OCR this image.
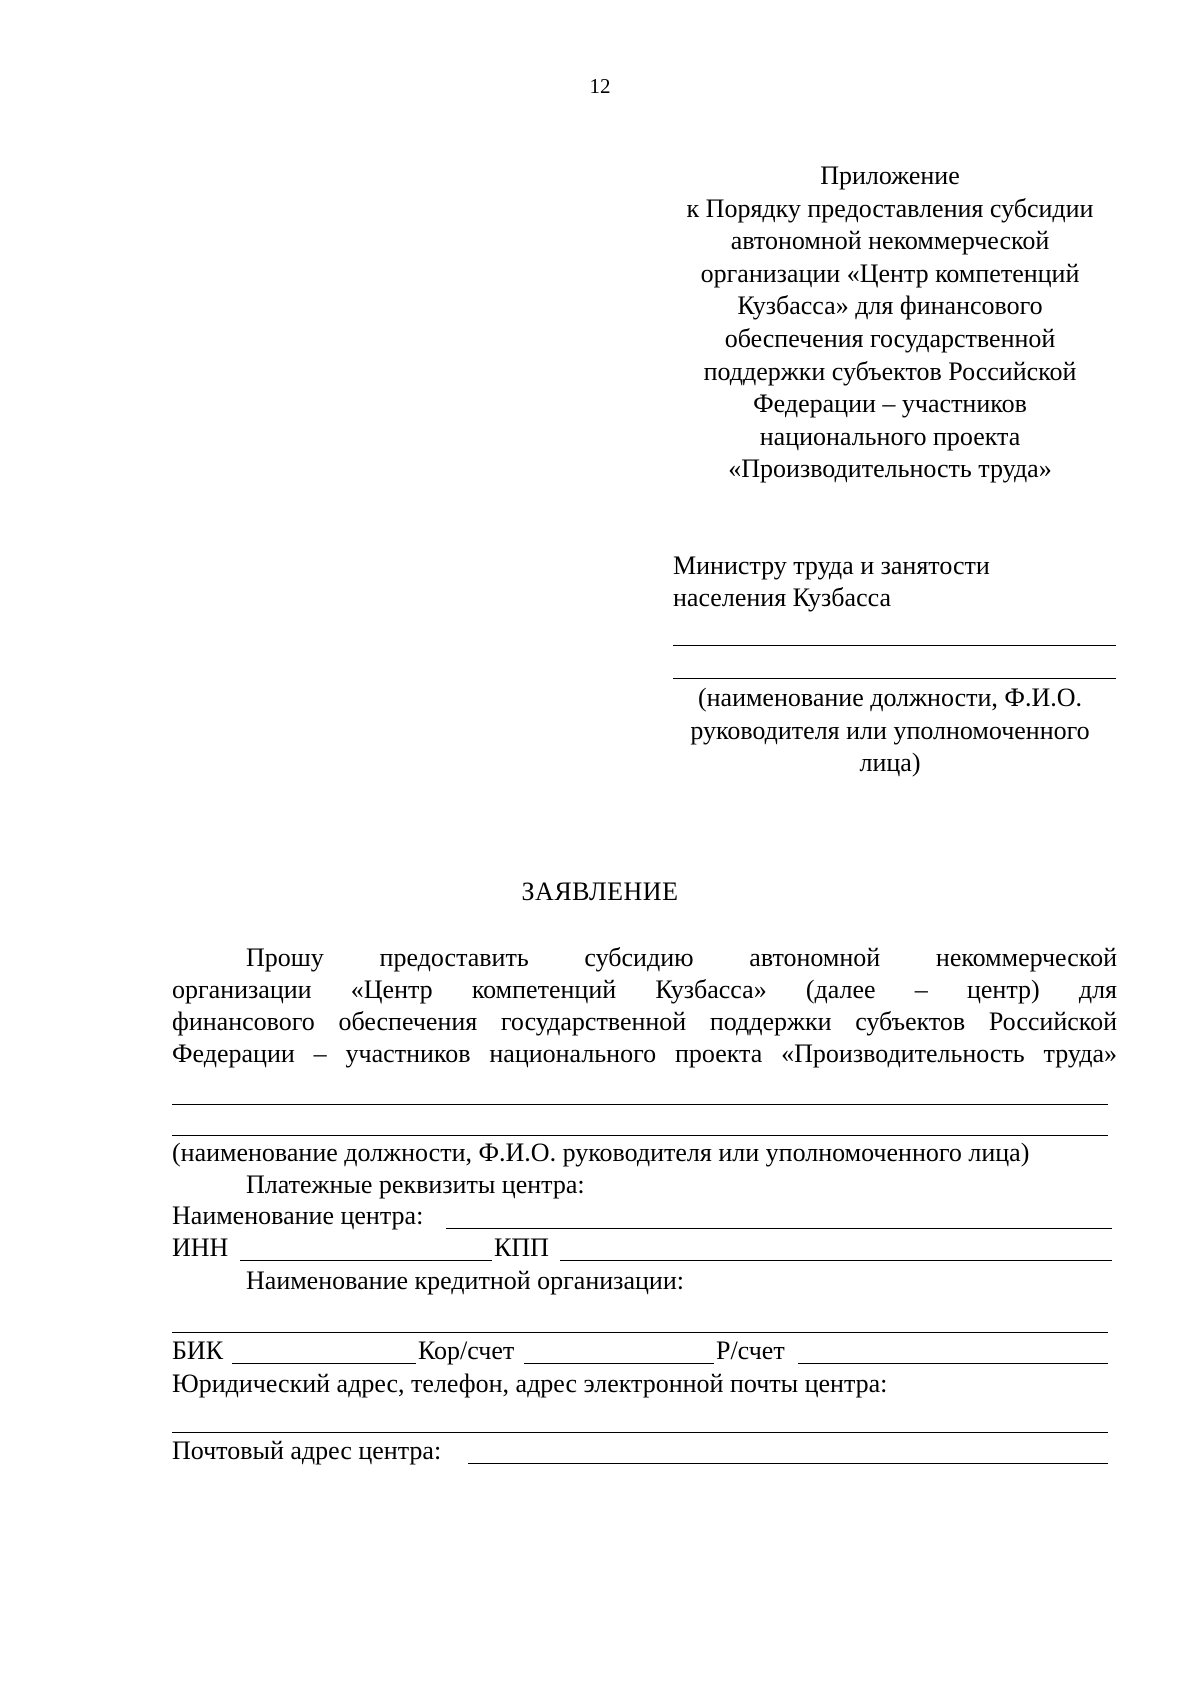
12
Приложение
к Порядку предоставления субсидии
автономной некоммерческой
организации «Центр компетенций
Кузбасса» для финансового
обеспечения государственной
поддержки субъектов Российской
Федерации – участников
национального проекта
«Производительность труда»
Министру труда и занятости
населения Кузбасса
(наименование должности, Ф.И.О.
руководителя или уполномоченного
лица)
ЗАЯВЛЕНИЕ
Прошу предоставить субсидию автономной некоммерческой
организации «Центр компетенций Кузбасса» (далее – центр) для
финансового обеспечения государственной поддержки субъектов Российской
Федерации – участников национального проекта «Производительность труда»
(наименование должности, Ф.И.О. руководителя или уполномоченного лица)
Платежные реквизиты центра:
Наименование центра:
ИНН	КПП
Наименование кредитной организации:
БИК	Кор/счет	Р/счет
Юридический адрес, телефон, адрес электронной почты центра:
Почтовый адрес центра:
